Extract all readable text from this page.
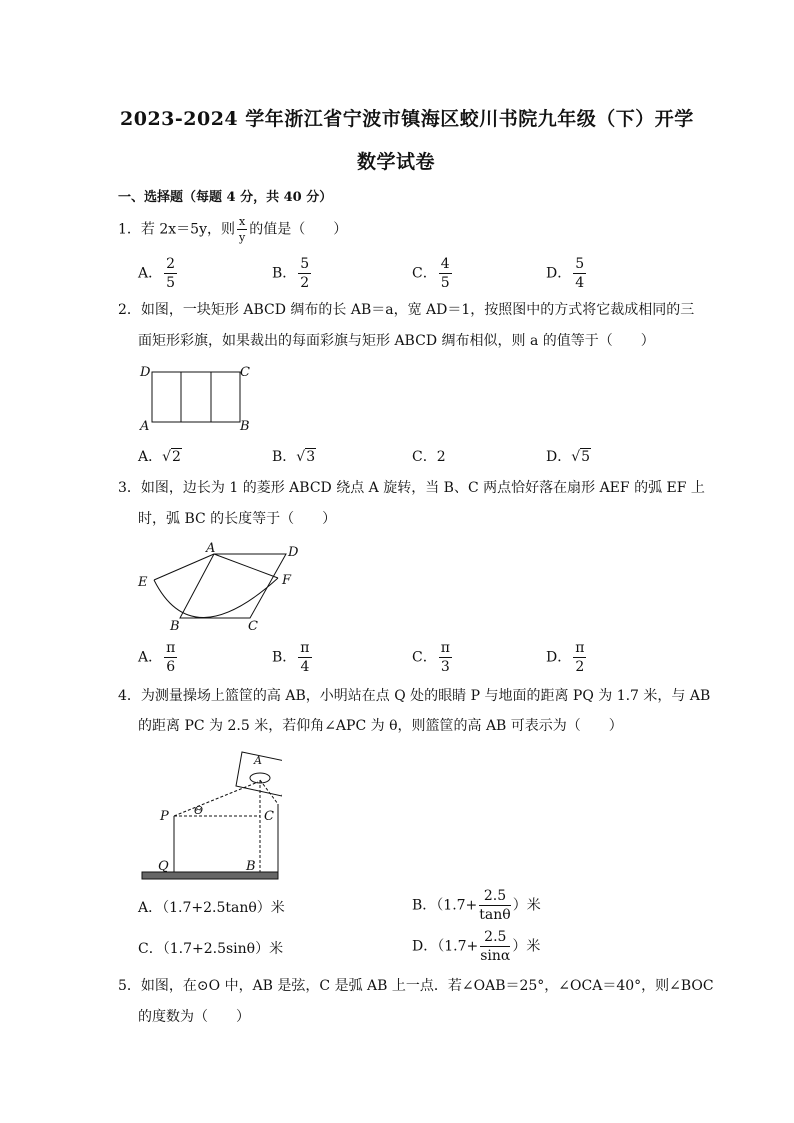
2023-2024 学年浙江省宁波市镇海区蛟川书院九年级（下）开学
数学试卷
一、选择题（每题 4 分，共 40 分）
1．若 2x＝5y，则 $\frac{x}{y}$ 的值是（　　）
A． $\frac{2}{5}$	B． $\frac{5}{2}$	C． $\frac{4}{5}$	D． $\frac{5}{4}$
2．如图，一块矩形 ABCD 绸布的长 AB＝a，宽 AD＝1，按照图中的方式将它裁成相同的三
面矩形彩旗，如果裁出的每面彩旗与矩形 ABCD 绸布相似，则 a 的值等于（　　）
D	C
A	B
A．√2	B．√3	C．2	D．√5
3．如图，边长为 1 的菱形 ABCD 绕点 A 旋转，当 B、C 两点恰好落在扇形 AEF 的弧 EF 上
时，弧 BC 的长度等于（　　）
A	D
E	F
B	C
A． $\frac{\pi}{6}$	B． $\frac{\pi}{4}$	C． $\frac{\pi}{3}$	D． $\frac{\pi}{2}$
4．为测量操场上篮筐的高 AB，小明站在点 Q 处的眼睛 P 与地面的距离 PQ 为 1.7 米，与 AB
的距离 PC 为 2.5 米，若仰角∠APC 为 θ，则篮筐的高 AB 可表示为（　　）
A
P	C
Θ
Q	B
A．（1.7+2.5tanθ）米	B．（$1.7+ \frac{2.5}{\tan\theta}$ ）米
C．（1.7+2.5sinθ）米	D．（$1.7+ \frac{2.5}{\sin\alpha}$ ）米
5．如图，在⊙O 中，AB 是弦，C 是弧 AB 上一点．若∠OAB＝25°，∠OCA＝40°，则∠BOC
的度数为（　　）
